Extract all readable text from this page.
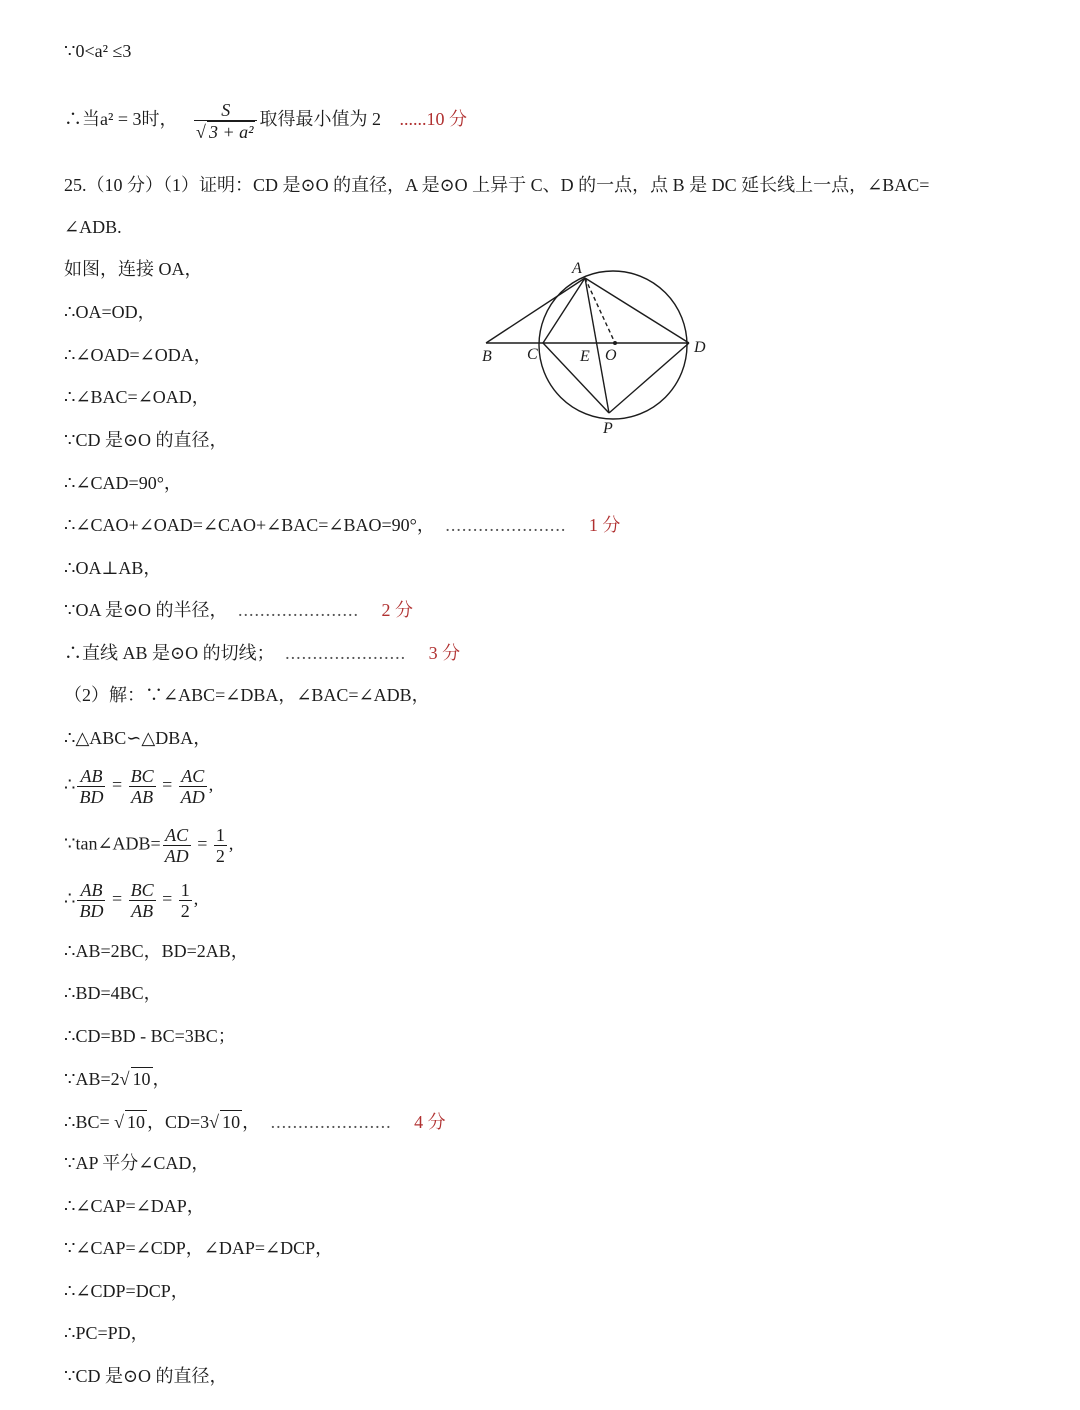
∵0<a² ≤3
∴当a² = 3时， $\frac{S}{\text{√ 3 + a²}}$ 取得最小值为 2 ......10 分
25.（10 分）（1）证明：CD 是⊙O 的直径，A 是⊙O 上异于 C、D 的一点，点 B 是 DC 延长线上一点，∠BAC=
∠ADB.
如图，连接 OA，
∴OA=OD，
∴∠OAD=∠ODA，
∴∠BAC=∠OAD，
∵CD 是⊙O 的直径，
∴∠CAD=90°，
∴∠CAO+∠OAD=∠CAO+∠BAC=∠BAO=90°， ...................... 1 分
∴OA⊥AB，
∵OA 是⊙O 的半径， ...................... 2 分
∴直线 AB 是⊙O 的切线； ...................... 3 分
（2）解：∵∠ABC=∠DBA，∠BAC=∠ADB，
∴△ABC∽△DBA，
∴ $\frac{AB}{BD} = \frac{BC}{AB} = \frac{AC}{AD}$ ,
∵tan∠ADB= $\frac{AC}{AD} = \frac{1}{2}$ ,
∴ $\frac{AB}{BD} = \frac{BC}{AB} = \frac{1}{2}$ ,
∴AB=2BC，BD=2AB，
∴BD=4BC，
∴CD=BD - BC=3BC；
∵AB=2√ 10 ，
∴BC= √ 10 ，CD=3√ 10 ， ...................... 4 分
∵AP 平分∠CAD，
∴∠CAP=∠DAP，
∵∠CAP=∠CDP，∠DAP=∠DCP，
∴∠CDP=DCP，
∴PC=PD，
∵CD 是⊙O 的直径，
A
B C	E O	D
P
